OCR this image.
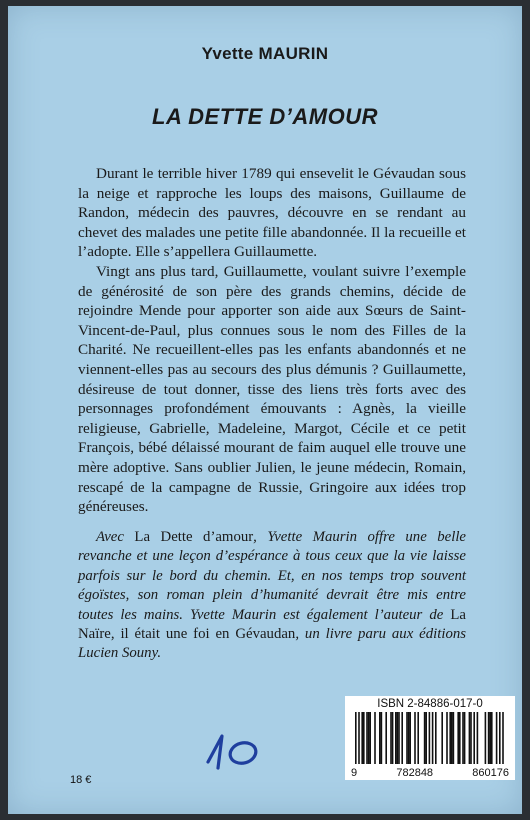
Yvette MAURIN
LA DETTE D’AMOUR

Durant le terrible hiver 1789 qui ensevelit le Gévaudan sous la neige et rapproche les loups des maisons, Guillaume de Randon, médecin des pauvres, découvre en se rendant au chevet des malades une petite fille abandonnée. Il la recueille et l’adopte. Elle s’appellera Guillaumette.

Vingt ans plus tard, Guillaumette, voulant suivre l’exemple de générosité de son père des grands chemins, décide de rejoindre Mende pour apporter son aide aux Sœurs de Saint-Vincent-de-Paul, plus connues sous le nom des Filles de la Charité. Ne recueillent-elles pas les enfants abandonnés et ne viennent-elles pas au secours des plus démunis ? Guillaumette, désireuse de tout donner, tisse des liens très forts avec des personnages profondément émouvants : Agnès, la vieille religieuse, Gabrielle, Madeleine, Margot, Cécile et ce petit François, bébé délaissé mourant de faim auquel elle trouve une mère adoptive. Sans oublier Julien, le jeune médecin, Romain, rescapé de la campagne de Russie, Gringoire aux idées trop généreuses.

Avec La Dette d’amour, Yvette Maurin offre une belle revanche et une leçon d’espérance à tous ceux que la vie laisse parfois sur le bord du chemin. Et, en nos temps trop souvent égoïstes, son roman plein d’humanité devrait être mis entre toutes les mains. Yvette Maurin est également l’auteur de La Naïre, il était une foi en Gévaudan, un livre paru aux éditions Lucien Souny.
18 €
ISBN 2-84886-017-0
9	782848	860176
